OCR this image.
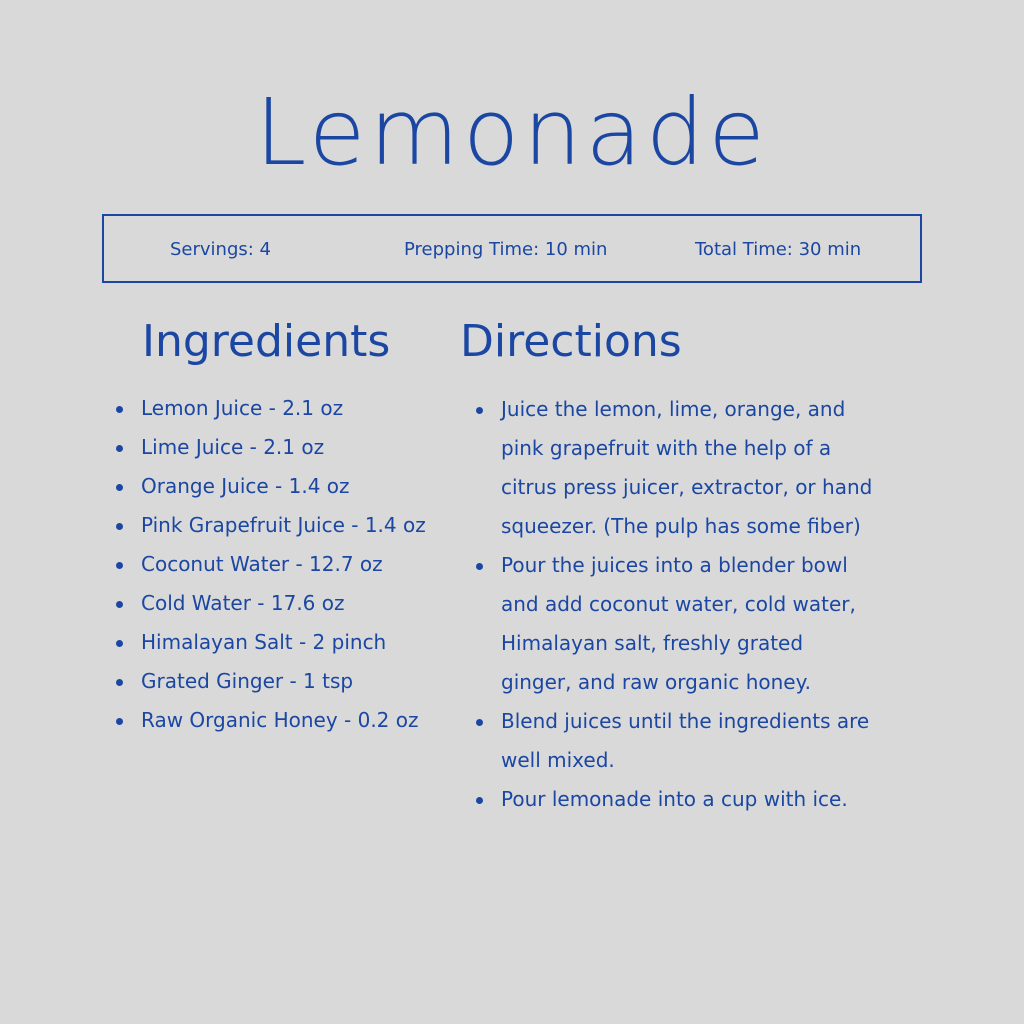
Lemonade
Servings: 4	Prepping Time: 10 min	Total Time: 30 min
Ingredients Directions
Lemon Juice - 2.1 oz
Lime Juice - 2.1 oz
Orange Juice - 1.4 oz
Pink Grapefruit Juice - 1.4 oz
Coconut Water - 12.7 oz
Cold Water - 17.6 oz
Himalayan Salt - 2 pinch
Grated Ginger - 1 tsp
Raw Organic Honey - 0.2 oz
Juice the lemon, lime, orange, and
pink grapefruit with the help of a
citrus press juicer, extractor, or hand
squeezer. (The pulp has some fiber)
Pour the juices into a blender bowl
and add coconut water, cold water,
Himalayan salt, freshly grated
ginger, and raw organic honey.
Blend juices until the ingredients are
well mixed.
Pour lemonade into a cup with ice.
